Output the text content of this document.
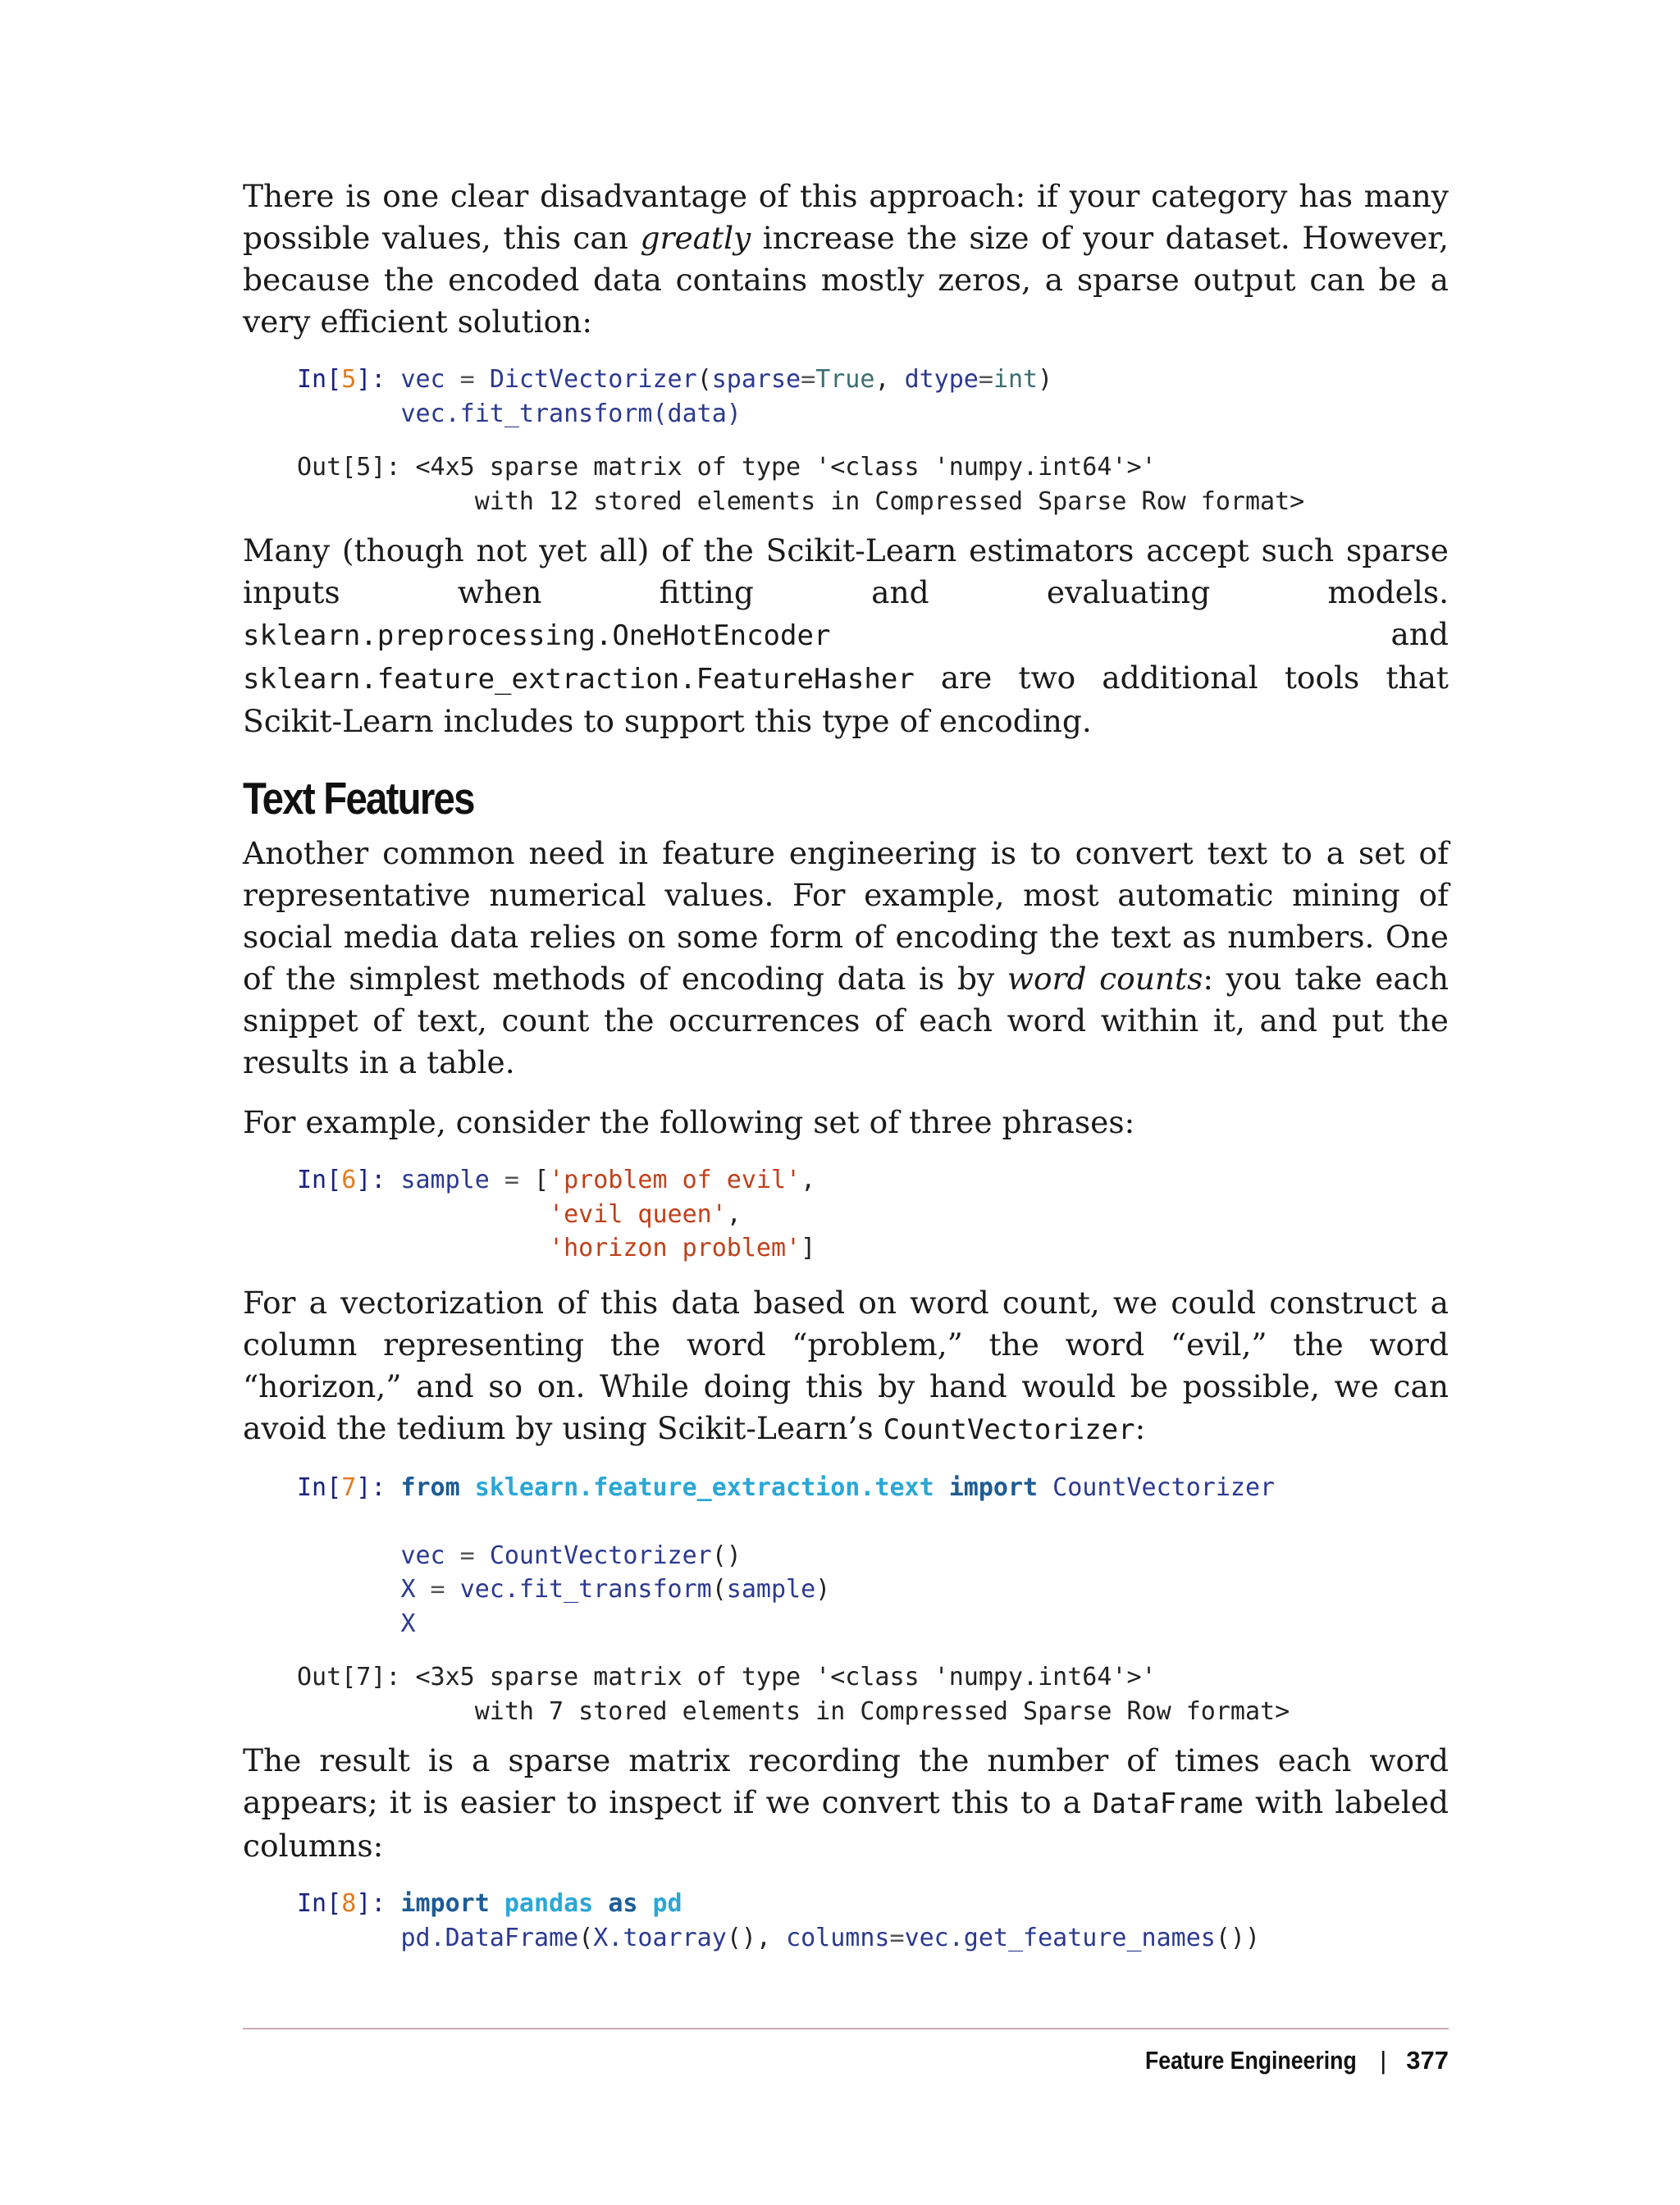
There is one clear disadvantage of this approach: if your category has many possible values, this can greatly increase the size of your dataset. However, because the encoded data contains mostly zeros, a sparse output can be a very efficient solution:

In[5]: vec = DictVectorizer(sparse=True, dtype=int)
vec.fit_transform(data)
Out[5]: <4x5 sparse matrix of type '<class 'numpy.int64'>'
with 12 stored elements in Compressed Sparse Row format>

Many (though not yet all) of the Scikit-Learn estimators accept such sparse inputs when fitting and evaluating models. sklearn.preprocessing.OneHotEncoder and sklearn.feature_extraction.FeatureHasher are two additional tools that Scikit-Learn includes to support this type of encoding.

Text Features

Another common need in feature engineering is to convert text to a set of representative numerical values. For example, most automatic mining of social media data relies on some form of encoding the text as numbers. One of the simplest methods of encoding data is by word counts: you take each snippet of text, count the occurrences of each word within it, and put the results in a table.

For example, consider the following set of three phrases:

In[6]: sample = ['problem of evil',
'evil queen',
'horizon problem']

For a vectorization of this data based on word count, we could construct a column representing the word “problem,” the word “evil,” the word “horizon,” and so on. While doing this by hand would be possible, we can avoid the tedium by using Scikit-Learn’s CountVectorizer:

In[7]: from sklearn.feature_extraction.text import CountVectorizer

vec = CountVectorizer()
X = vec.fit_transform(sample)
X
Out[7]: <3x5 sparse matrix of type '<class 'numpy.int64'>'
with 7 stored elements in Compressed Sparse Row format>

The result is a sparse matrix recording the number of times each word appears; it is easier to inspect if we convert this to a DataFrame with labeled columns:

In[8]: import pandas as pd
pd.DataFrame(X.toarray(), columns=vec.get_feature_names())
Feature Engineering | 377
